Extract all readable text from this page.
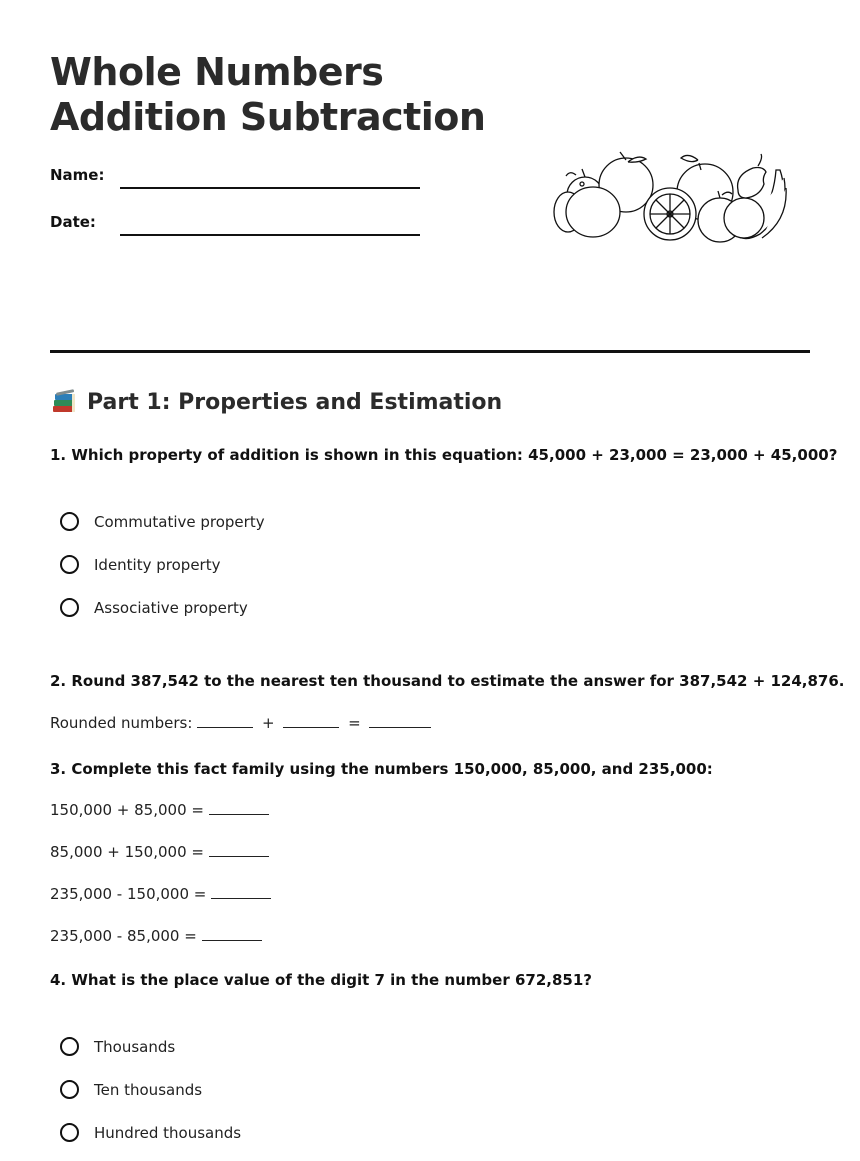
Whole Numbers
Addition Subtraction
Name:
Date:
Part 1: Properties and Estimation
1. Which property of addition is shown in this equation: 45,000 + 23,000 = 23,000 + 45,000?
Commutative property
Identity property
Associative property
2. Round 387,542 to the nearest ten thousand to estimate the answer for 387,542 + 124,876.
Rounded numbers:	+	=
3. Complete this fact family using the numbers 150,000, 85,000, and 235,000:
150,000 + 85,000 =
85,000 + 150,000 =
235,000 - 150,000 =
235,000 - 85,000 =
4. What is the place value of the digit 7 in the number 672,851?
Thousands
Ten thousands
Hundred thousands
